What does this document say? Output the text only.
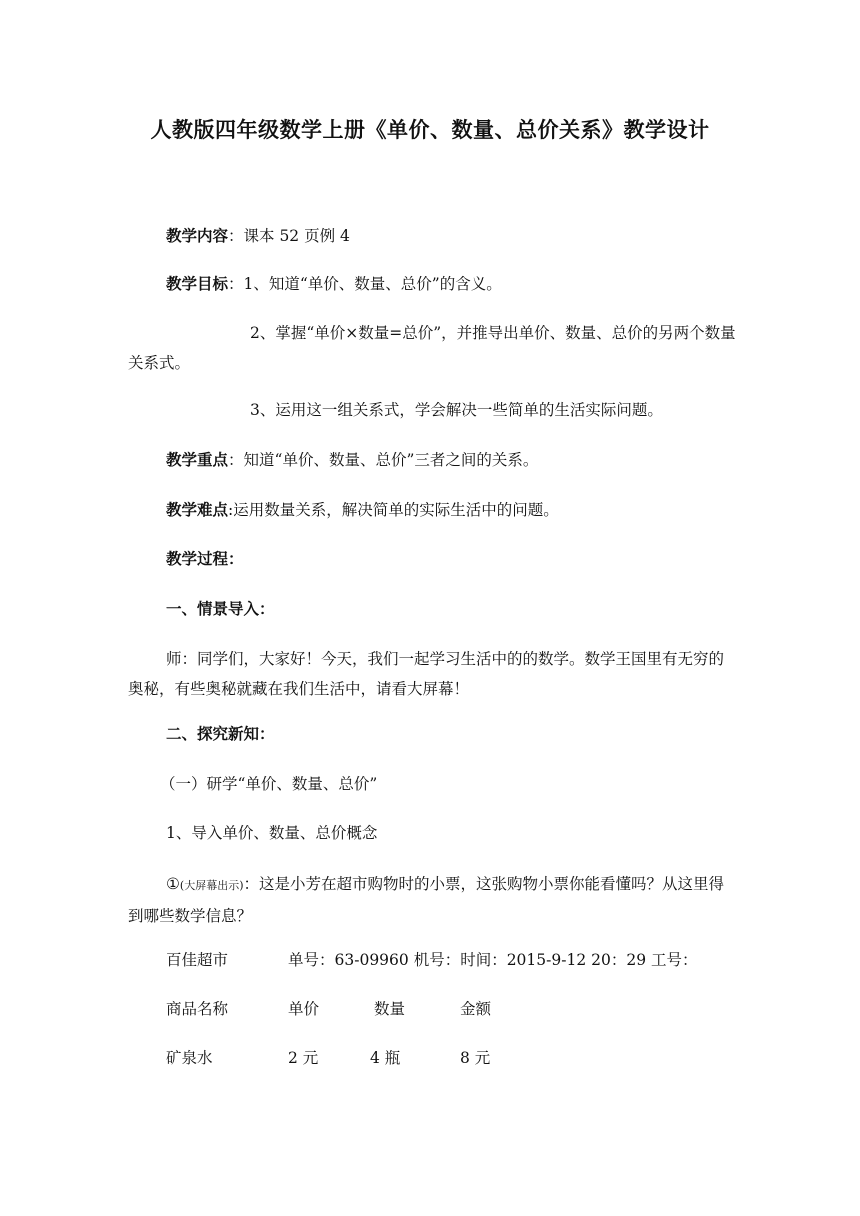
人教版四年级数学上册《单价、数量、总价关系》教学设计
教学内容：课本 52 页例 4
教学目标：1、知道“单价、数量、总价”的含义。
2、掌握“单价×数量=总价”，并推导出单价、数量、总价的另两个数量关系式。
3、运用这一组关系式，学会解决一些简单的生活实际问题。
教学重点：知道“单价、数量、总价”三者之间的关系。
教学难点:运用数量关系，解决简单的实际生活中的问题。
教学过程：
一、情景导入：
师：同学们，大家好！今天，我们一起学习生活中的的数学。数学王国里有无穷的奥秘，有些奥秘就藏在我们生活中，请看大屏幕！
二、探究新知：
（一）研学“单价、数量、总价”
1、导入单价、数量、总价概念
①(大屏幕出示)：这是小芳在超市购物时的小票，这张购物小票你能看懂吗？从这里得到哪些数学信息？
百佳超市	单号：63-09960 机号：时间：2015-9-12 20：29 工号：
商品名称	单价	数量	金额
矿泉水	2 元	4 瓶	8 元
